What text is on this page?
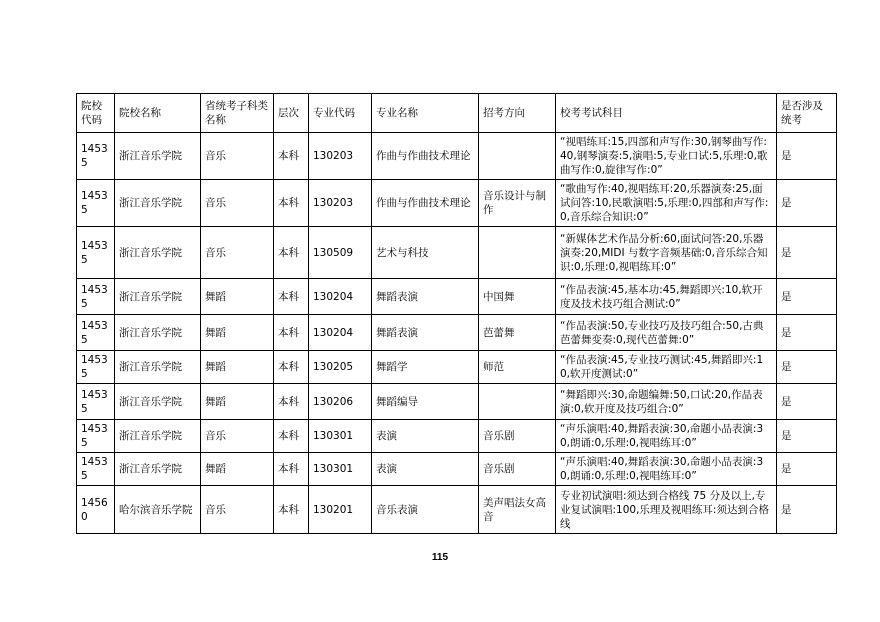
院校代码	院校名称	省统考子科类名称	层次	专业代码	专业名称	招考方向	校考考试科目	是否涉及统考
14535	浙江音乐学院	音乐	本科	130203	作曲与作曲技术理论		“视唱练耳:15,四部和声写作:30,钢琴曲写作:40,钢琴演奏:5,演唱:5,专业口试:5,乐理:0,歌曲写作:0,旋律写作:0”	是
14535	浙江音乐学院	音乐	本科	130203	作曲与作曲技术理论	音乐设计与制作	“歌曲写作:40,视唱练耳:20,乐器演奏:25,面试问答:10,民歌演唱:5,乐理:0,四部和声写作:0,音乐综合知识:0”	是
14535	浙江音乐学院	音乐	本科	130509	艺术与科技		“新媒体艺术作品分析:60,面试问答:20,乐器演奏:20,MIDI 与数字音频基础:0,音乐综合知识:0,乐理:0,视唱练耳:0”	是
14535	浙江音乐学院	舞蹈	本科	130204	舞蹈表演	中国舞	“作品表演:45,基本功:45,舞蹈即兴:10,软开度及技术技巧组合测试:0”	是
14535	浙江音乐学院	舞蹈	本科	130204	舞蹈表演	芭蕾舞	“作品表演:50,专业技巧及技巧组合:50,古典芭蕾舞变奏:0,现代芭蕾舞:0”	是
14535	浙江音乐学院	舞蹈	本科	130205	舞蹈学	师范	“作品表演:45,专业技巧测试:45,舞蹈即兴:10,软开度测试:0”	是
14535	浙江音乐学院	舞蹈	本科	130206	舞蹈编导		“舞蹈即兴:30,命题编舞:50,口试:20,作品表演:0,软开度及技巧组合:0”	是
14535	浙江音乐学院	音乐	本科	130301	表演	音乐剧	“声乐演唱:40,舞蹈表演:30,命题小品表演:30,朗诵:0,乐理:0,视唱练耳:0”	是
14535	浙江音乐学院	舞蹈	本科	130301	表演	音乐剧	“声乐演唱:40,舞蹈表演:30,命题小品表演:30,朗诵:0,乐理:0,视唱练耳:0”	是
14560	哈尔滨音乐学院	音乐	本科	130201	音乐表演	美声唱法女高音	专业初试演唱:须达到合格线 75 分及以上,专业复试演唱:100,乐理及视唱练耳:须达到合格线	是
115
